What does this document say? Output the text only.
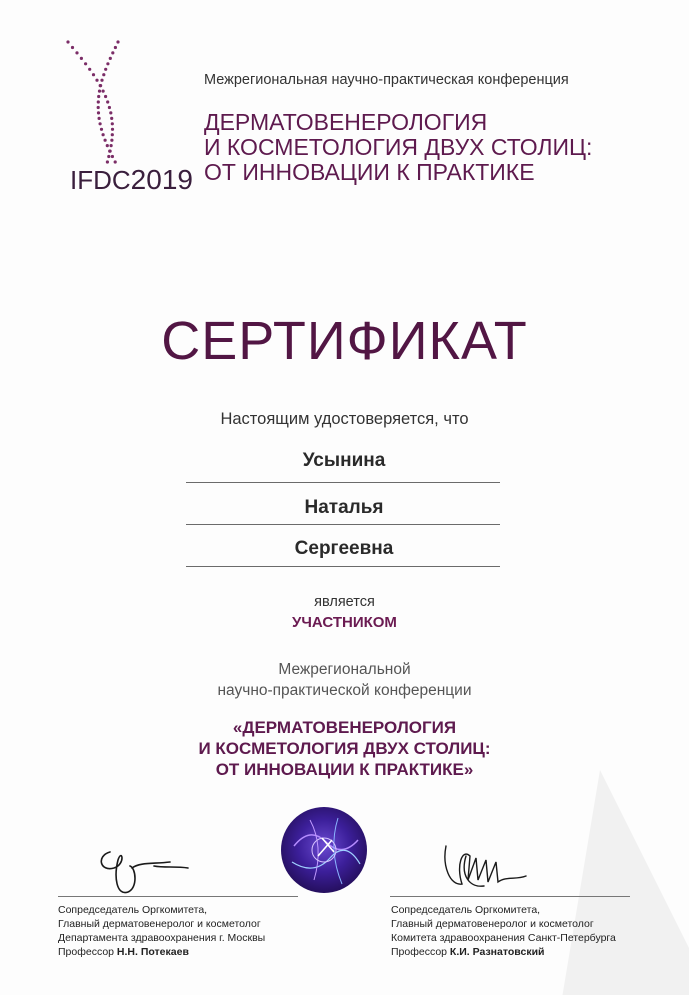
IFDC2019
Межрегиональная научно-практическая конференция
ДЕРМАТОВЕНЕРОЛОГИЯ
И КОСМЕТОЛОГИЯ ДВУХ СТОЛИЦ:
ОТ ИННОВАЦИИ К ПРАКТИКЕ
СЕРТИФИКАТ
Настоящим удостоверяется, что
Усынина
Наталья
Сергеевна
является
УЧАСТНИКОМ
Межрегиональной
научно-практической конференции
«ДЕРМАТОВЕНЕРОЛОГИЯ
И КОСМЕТОЛОГИЯ ДВУХ СТОЛИЦ:
ОТ ИННОВАЦИИ К ПРАКТИКЕ»
Сопредседатель Оргкомитета,
Главный дерматовенеролог и косметолог
Департамента здравоохранения г. Москвы
Профессор Н.Н. Потекаев
Сопредседатель Оргкомитета,
Главный дерматовенеролог и косметолог
Комитета здравоохранения Санкт-Петербурга
Профессор К.И. Разнатовский
